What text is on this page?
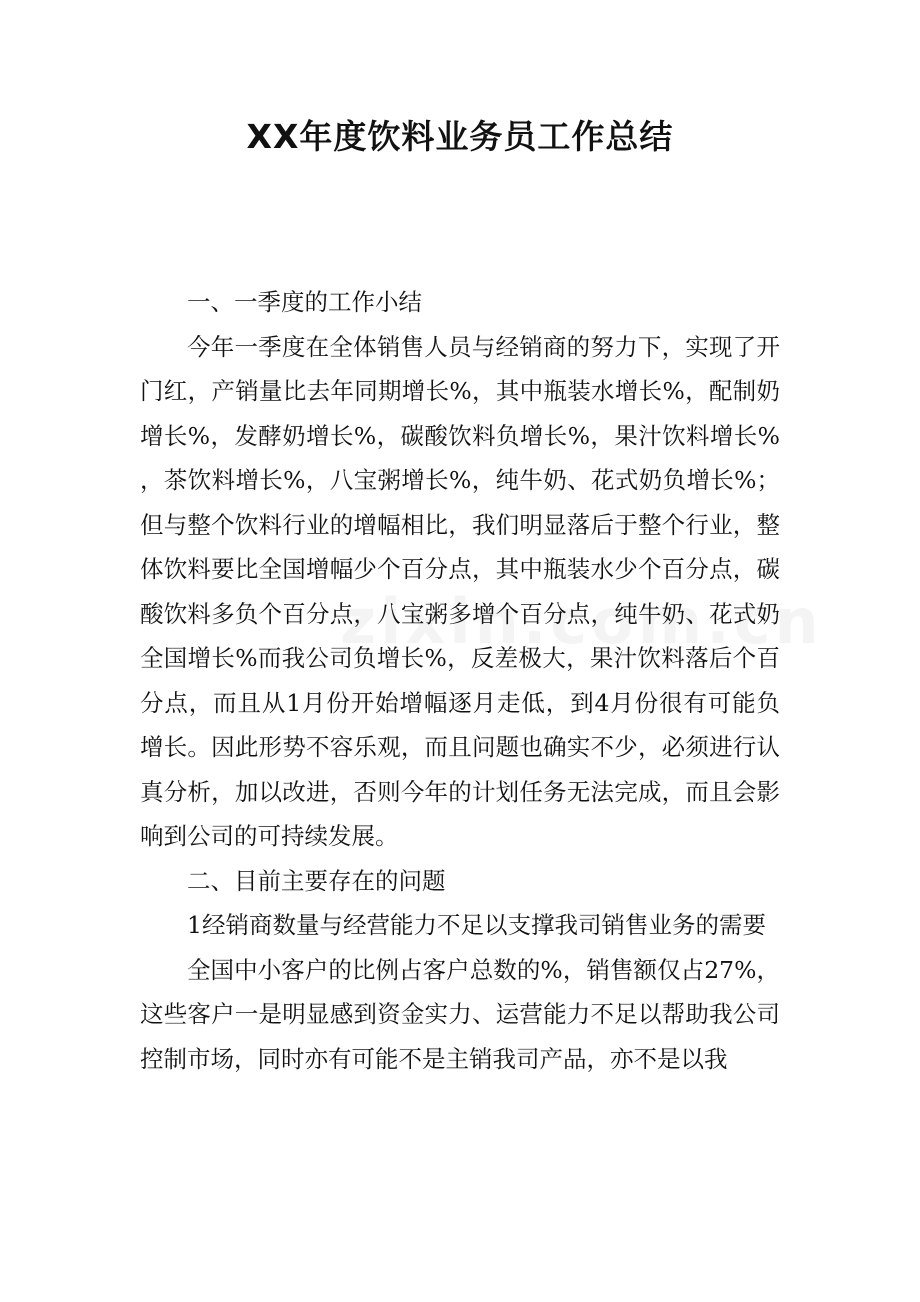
XX年度饮料业务员工作总结

一、一季度的工作小结

今年一季度在全体销售人员与经销商的努力下，实现了开门红，产销量比去年同期增长%，其中瓶装水增长%，配制奶增长%，发酵奶增长%，碳酸饮料负增长%，果汁饮料增长%，茶饮料增长%，八宝粥增长%，纯牛奶、花式奶负增长%；但与整个饮料行业的增幅相比，我们明显落后于整个行业，整体饮料要比全国增幅少个百分点，其中瓶装水少个百分点，碳酸饮料多负个百分点，八宝粥多增个百分点，纯牛奶、花式奶全国增长%而我公司负增长%，反差极大，果汁饮料落后个百分点，而且从1月份开始增幅逐月走低，到4月份很有可能负增长。因此形势不容乐观，而且问题也确实不少，必须进行认真分析，加以改进，否则今年的计划任务无法完成，而且会影响到公司的可持续发展。

二、目前主要存在的问题

1经销商数量与经营能力不足以支撑我司销售业务的需要

全国中小客户的比例占客户总数的%，销售额仅占27%，这些客户一是明显感到资金实力、运营能力不足以帮助我公司控制市场，同时亦有可能不是主销我司产品，亦不是以我
